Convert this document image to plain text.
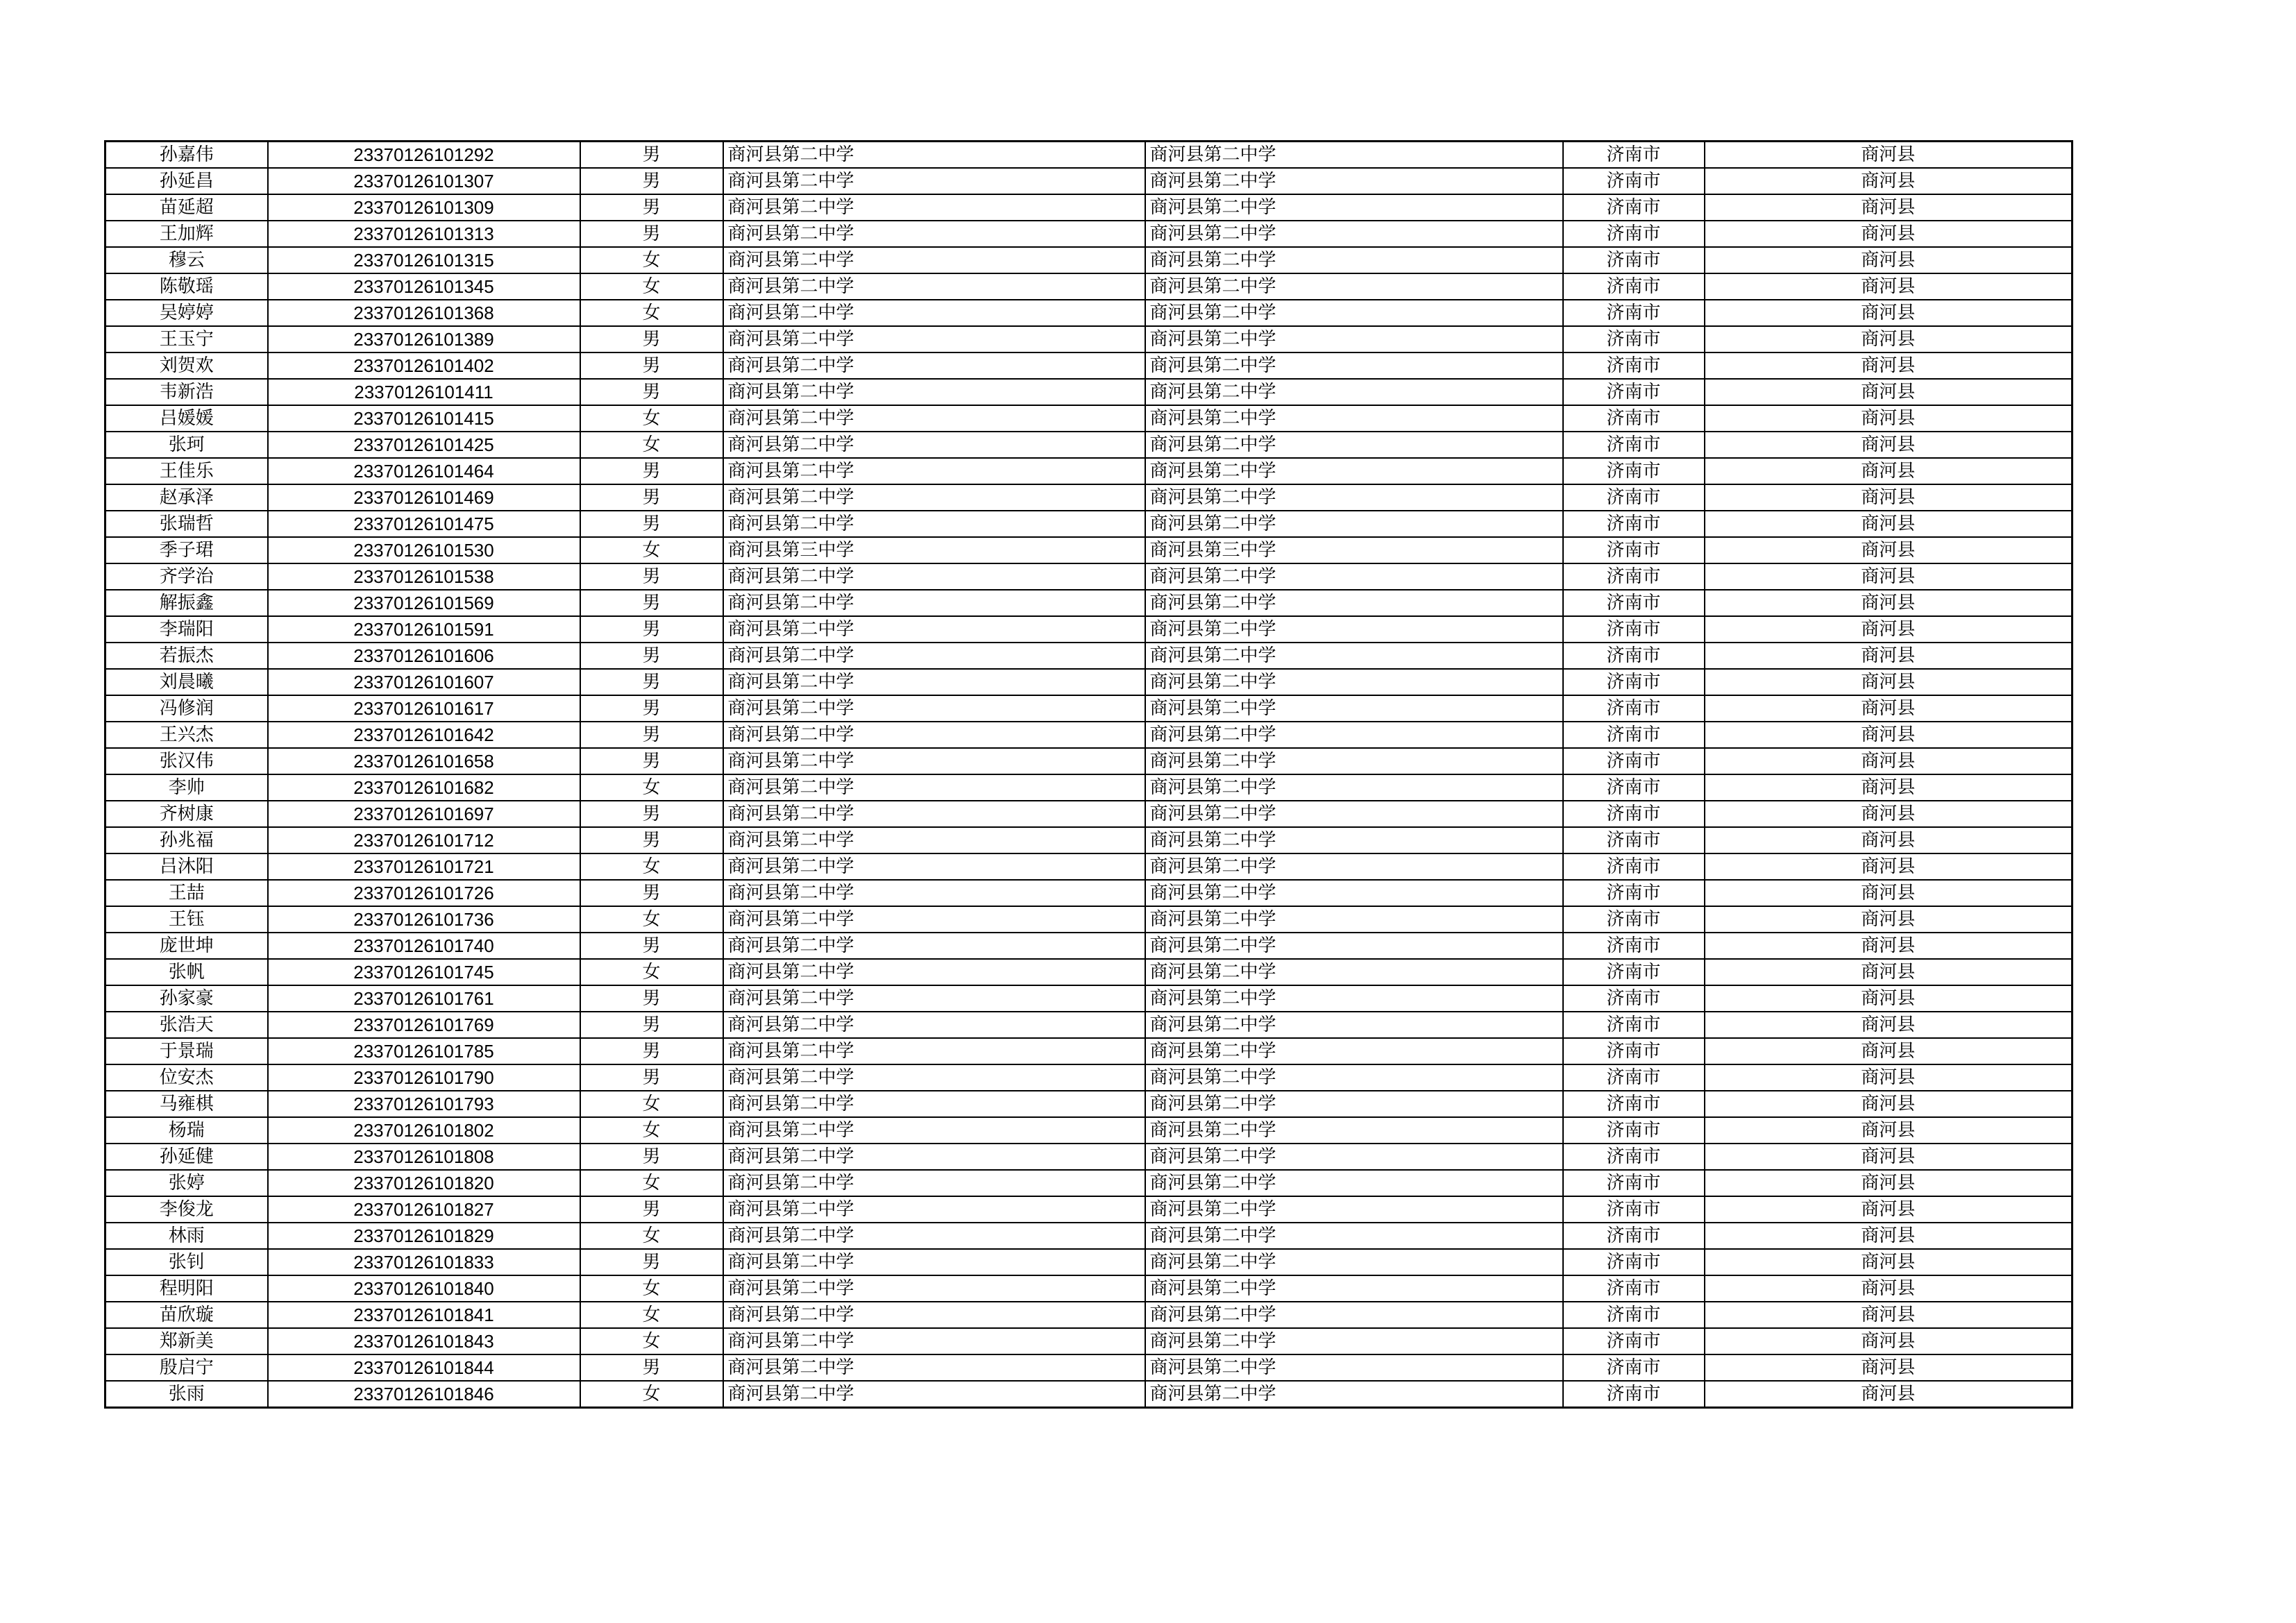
孙嘉伟	23370126101292	男	商河县第二中学	商河县第二中学	济南市	商河县
孙延昌	23370126101307	男	商河县第二中学	商河县第二中学	济南市	商河县
苗延超	23370126101309	男	商河县第二中学	商河县第二中学	济南市	商河县
王加辉	23370126101313	男	商河县第二中学	商河县第二中学	济南市	商河县
穆云	23370126101315	女	商河县第二中学	商河县第二中学	济南市	商河县
陈敬瑶	23370126101345	女	商河县第二中学	商河县第二中学	济南市	商河县
吴婷婷	23370126101368	女	商河县第二中学	商河县第二中学	济南市	商河县
王玉宁	23370126101389	男	商河县第二中学	商河县第二中学	济南市	商河县
刘贺欢	23370126101402	男	商河县第二中学	商河县第二中学	济南市	商河县
韦新浩	23370126101411	男	商河县第二中学	商河县第二中学	济南市	商河县
吕媛媛	23370126101415	女	商河县第二中学	商河县第二中学	济南市	商河县
张珂	23370126101425	女	商河县第二中学	商河县第二中学	济南市	商河县
王佳乐	23370126101464	男	商河县第二中学	商河县第二中学	济南市	商河县
赵承泽	23370126101469	男	商河县第二中学	商河县第二中学	济南市	商河县
张瑞哲	23370126101475	男	商河县第二中学	商河县第二中学	济南市	商河县
季子珺	23370126101530	女	商河县第三中学	商河县第三中学	济南市	商河县
齐学治	23370126101538	男	商河县第二中学	商河县第二中学	济南市	商河县
解振鑫	23370126101569	男	商河县第二中学	商河县第二中学	济南市	商河县
李瑞阳	23370126101591	男	商河县第二中学	商河县第二中学	济南市	商河县
若振杰	23370126101606	男	商河县第二中学	商河县第二中学	济南市	商河县
刘晨曦	23370126101607	男	商河县第二中学	商河县第二中学	济南市	商河县
冯修润	23370126101617	男	商河县第二中学	商河县第二中学	济南市	商河县
王兴杰	23370126101642	男	商河县第二中学	商河县第二中学	济南市	商河县
张汉伟	23370126101658	男	商河县第二中学	商河县第二中学	济南市	商河县
李帅	23370126101682	女	商河县第二中学	商河县第二中学	济南市	商河县
齐树康	23370126101697	男	商河县第二中学	商河县第二中学	济南市	商河县
孙兆福	23370126101712	男	商河县第二中学	商河县第二中学	济南市	商河县
吕沐阳	23370126101721	女	商河县第二中学	商河县第二中学	济南市	商河县
王喆	23370126101726	男	商河县第二中学	商河县第二中学	济南市	商河县
王钰	23370126101736	女	商河县第二中学	商河县第二中学	济南市	商河县
庞世坤	23370126101740	男	商河县第二中学	商河县第二中学	济南市	商河县
张帆	23370126101745	女	商河县第二中学	商河县第二中学	济南市	商河县
孙家豪	23370126101761	男	商河县第二中学	商河县第二中学	济南市	商河县
张浩天	23370126101769	男	商河县第二中学	商河县第二中学	济南市	商河县
于景瑞	23370126101785	男	商河县第二中学	商河县第二中学	济南市	商河县
位安杰	23370126101790	男	商河县第二中学	商河县第二中学	济南市	商河县
马雍棋	23370126101793	女	商河县第二中学	商河县第二中学	济南市	商河县
杨瑞	23370126101802	女	商河县第二中学	商河县第二中学	济南市	商河县
孙延健	23370126101808	男	商河县第二中学	商河县第二中学	济南市	商河县
张婷	23370126101820	女	商河县第二中学	商河县第二中学	济南市	商河县
李俊龙	23370126101827	男	商河县第二中学	商河县第二中学	济南市	商河县
林雨	23370126101829	女	商河县第二中学	商河县第二中学	济南市	商河县
张钊	23370126101833	男	商河县第二中学	商河县第二中学	济南市	商河县
程明阳	23370126101840	女	商河县第二中学	商河县第二中学	济南市	商河县
苗欣璇	23370126101841	女	商河县第二中学	商河县第二中学	济南市	商河县
郑新美	23370126101843	女	商河县第二中学	商河县第二中学	济南市	商河县
殷启宁	23370126101844	男	商河县第二中学	商河县第二中学	济南市	商河县
张雨	23370126101846	女	商河县第二中学	商河县第二中学	济南市	商河县
